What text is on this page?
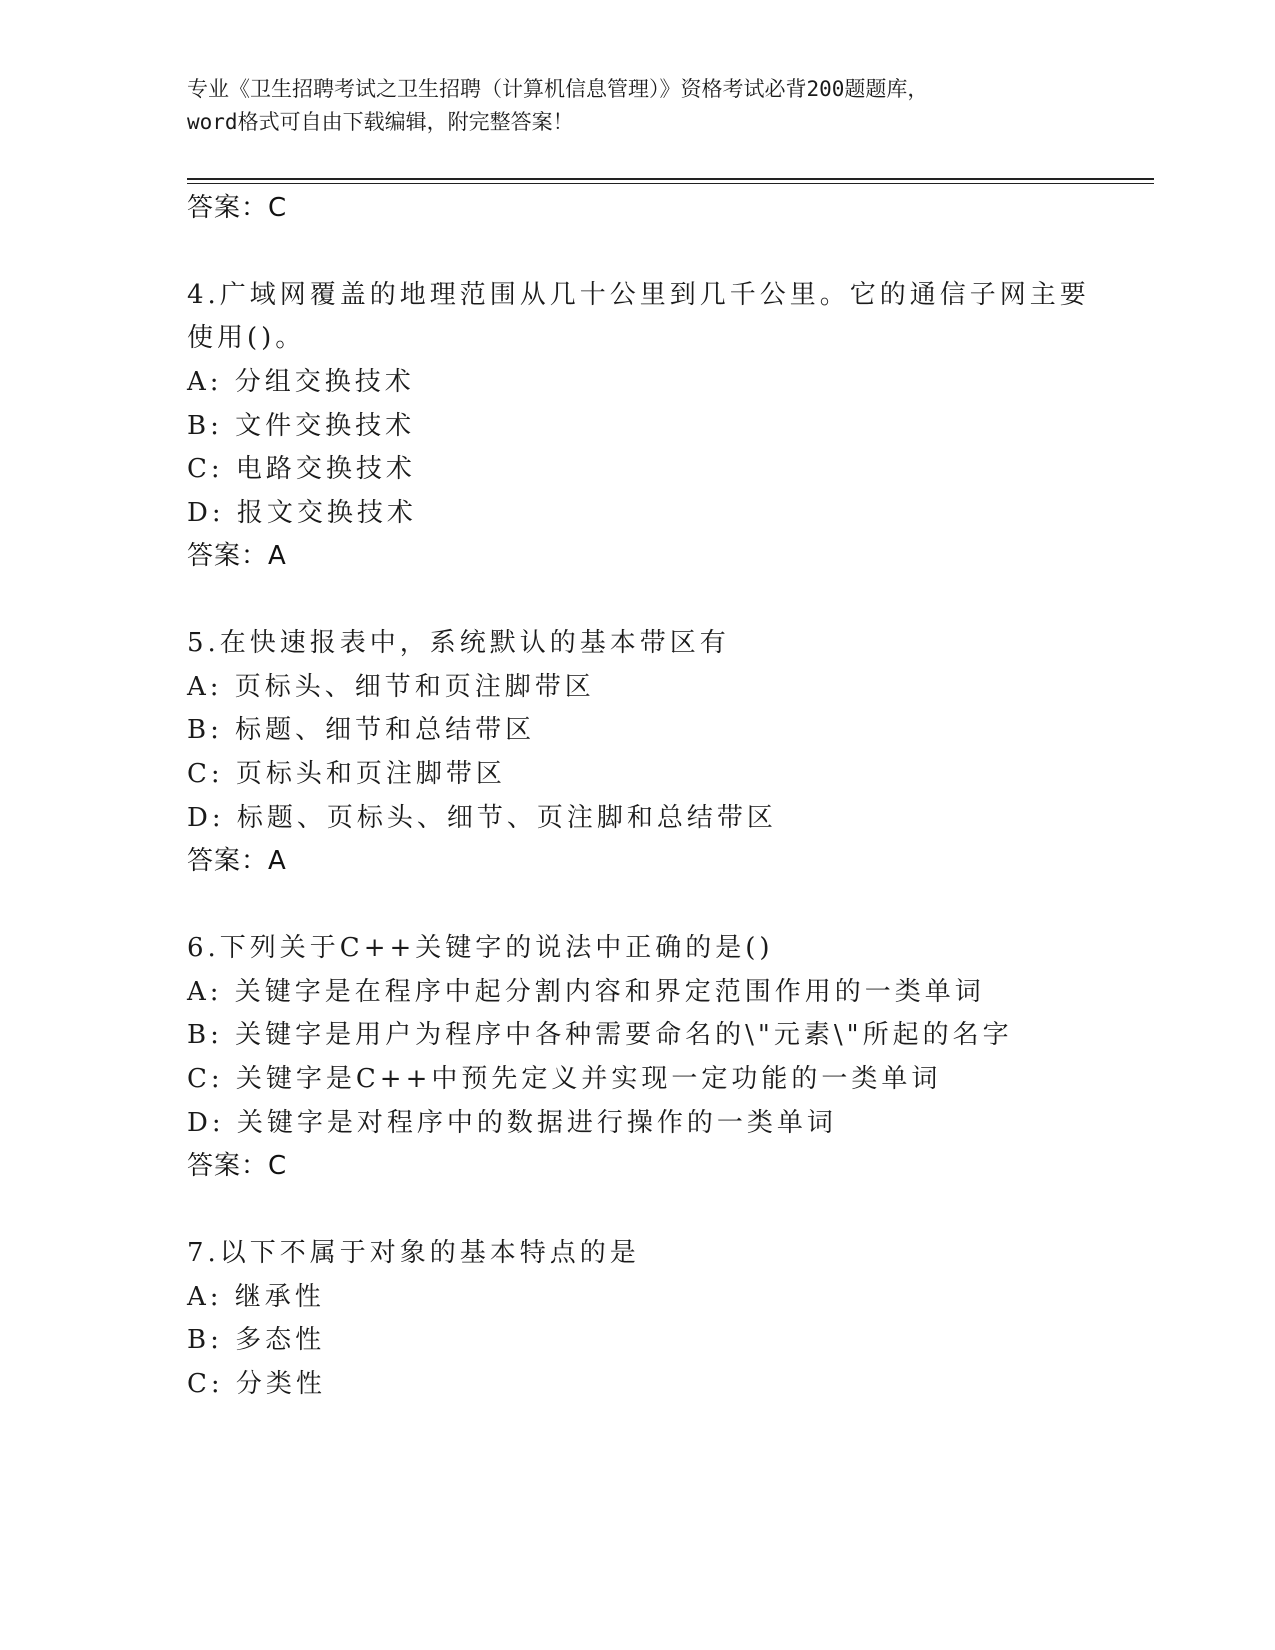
专业《卫生招聘考试之卫生招聘（计算机信息管理）》资格考试必背200题题库，
word格式可自由下载编辑，附完整答案！
答案：C
4.广域网覆盖的地理范围从几十公里到几千公里。它的通信子网主要
使用()。
A: 分组交换技术
B: 文件交换技术
C: 电路交换技术
D: 报文交换技术
答案：A
5.在快速报表中，系统默认的基本带区有
A: 页标头、细节和页注脚带区
B: 标题、细节和总结带区
C: 页标头和页注脚带区
D: 标题、页标头、细节、页注脚和总结带区
答案：A
6.下列关于C++关键字的说法中正确的是()
A: 关键字是在程序中起分割内容和界定范围作用的一类单词
B: 关键字是用户为程序中各种需要命名的\"元素\"所起的名字
C: 关键字是C++中预先定义并实现一定功能的一类单词
D: 关键字是对程序中的数据进行操作的一类单词
答案：C
7.以下不属于对象的基本特点的是
A: 继承性
B: 多态性
C: 分类性
